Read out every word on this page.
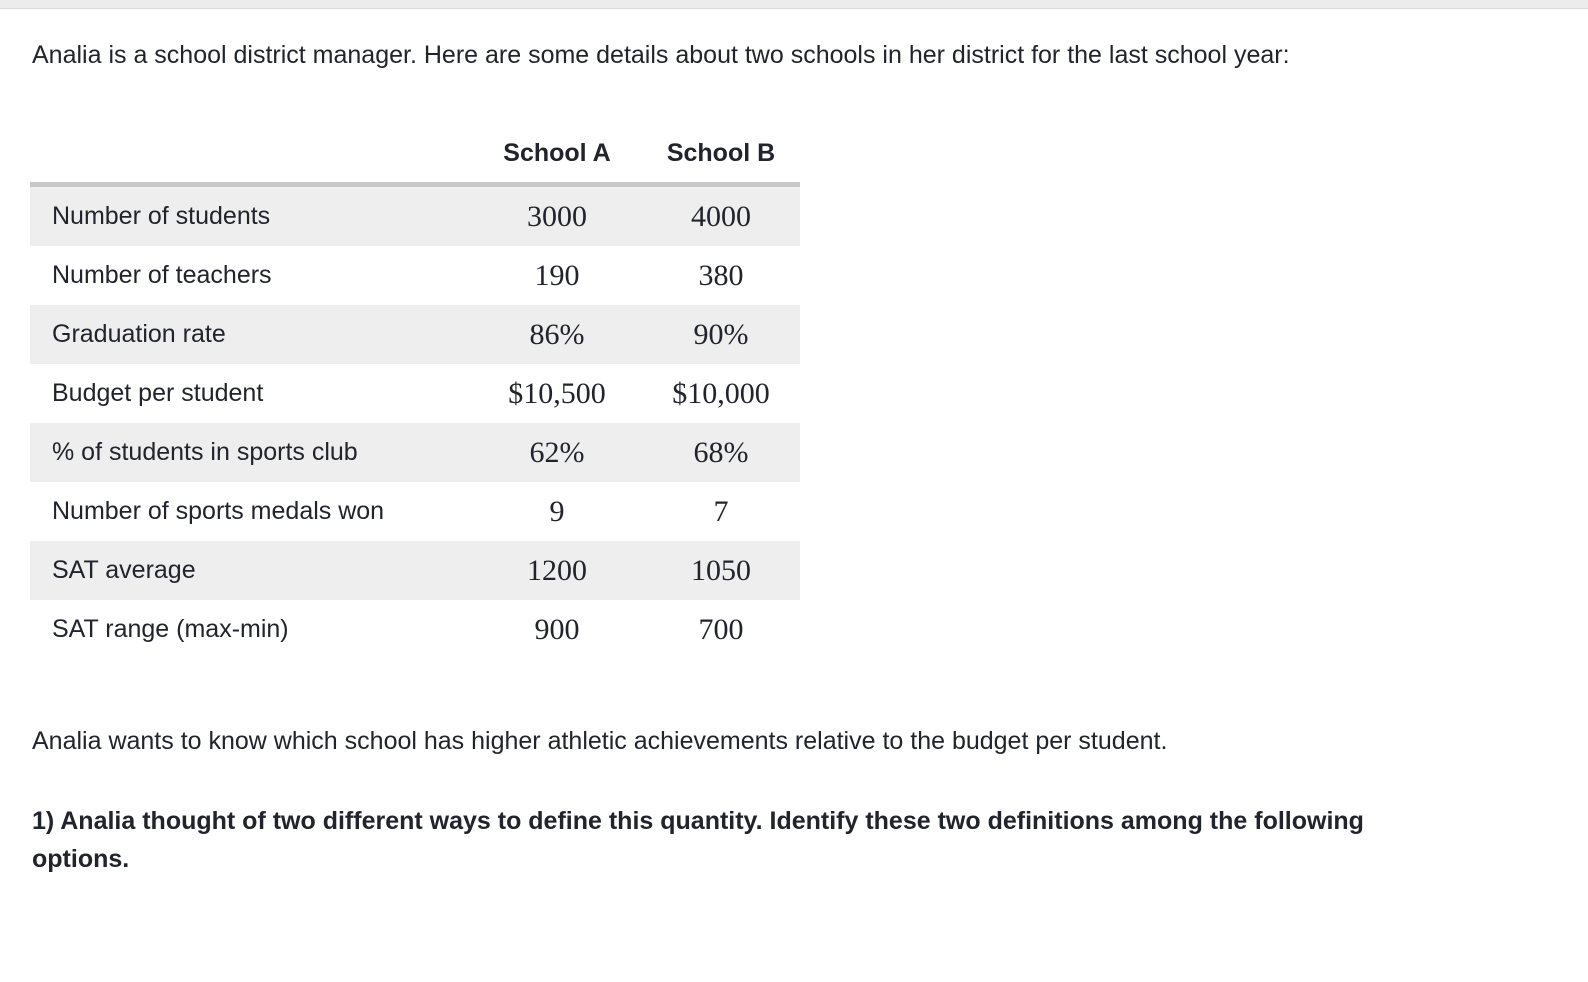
Analia is a school district manager. Here are some details about two schools in her district for the last school year:

	School A	School B
Number of students	3000	4000
Number of teachers	190	380
Graduation rate	86%	90%
Budget per student	$10,500	$10,000
% of students in sports club	62%	68%
Number of sports medals won	9	7
SAT average	1200	1050
SAT range (max-min)	900	700

Analia wants to know which school has higher athletic achievements relative to the budget per student.

1) Analia thought of two different ways to define this quantity. Identify these two definitions among the following options.
